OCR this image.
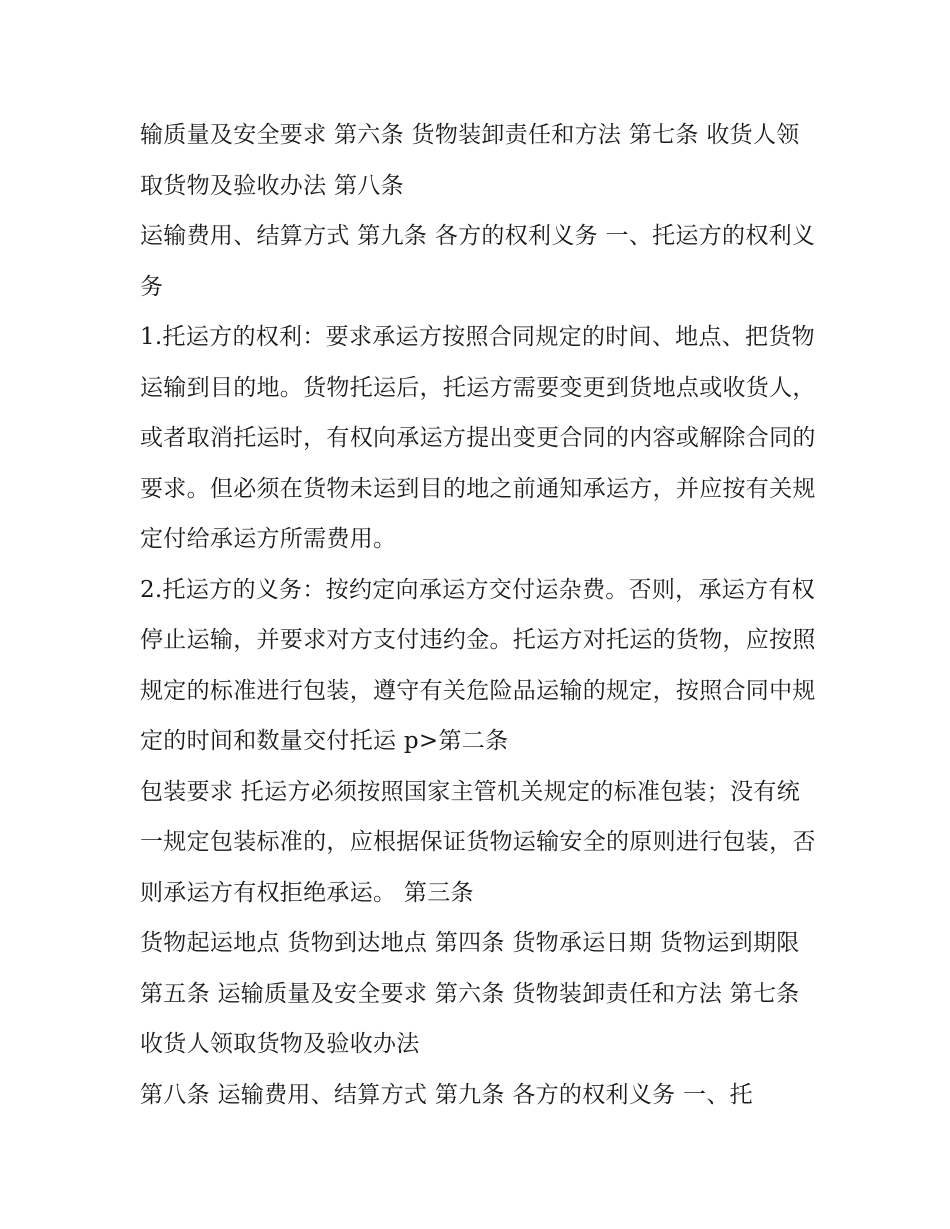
输质量及安全要求 第六条 货物装卸责任和方法 第七条 收货人领取货物及验收办法 第八条

运输费用、结算方式 第九条 各方的权利义务 一、托运方的权利义务

1.托运方的权利：要求承运方按照合同规定的时间、地点、把货物运输到目的地。货物托运后，托运方需要变更到货地点或收货人，或者取消托运时，有权向承运方提出变更合同的内容或解除合同的要求。但必须在货物未运到目的地之前通知承运方，并应按有关规定付给承运方所需费用。

2.托运方的义务：按约定向承运方交付运杂费。否则，承运方有权停止运输，并要求对方支付违约金。托运方对托运的货物，应按照规定的标准进行包装，遵守有关危险品运输的规定，按照合同中规定的时间和数量交付托运 p>第二条

包装要求 托运方必须按照国家主管机关规定的标准包装；没有统一规定包装标准的，应根据保证货物运输安全的原则进行包装，否则承运方有权拒绝承运。 第三条

货物起运地点 货物到达地点 第四条 货物承运日期 货物运到期限 第五条 运输质量及安全要求 第六条 货物装卸责任和方法 第七条 收货人领取货物及验收办法

第八条 运输费用、结算方式 第九条 各方的权利义务 一、托
